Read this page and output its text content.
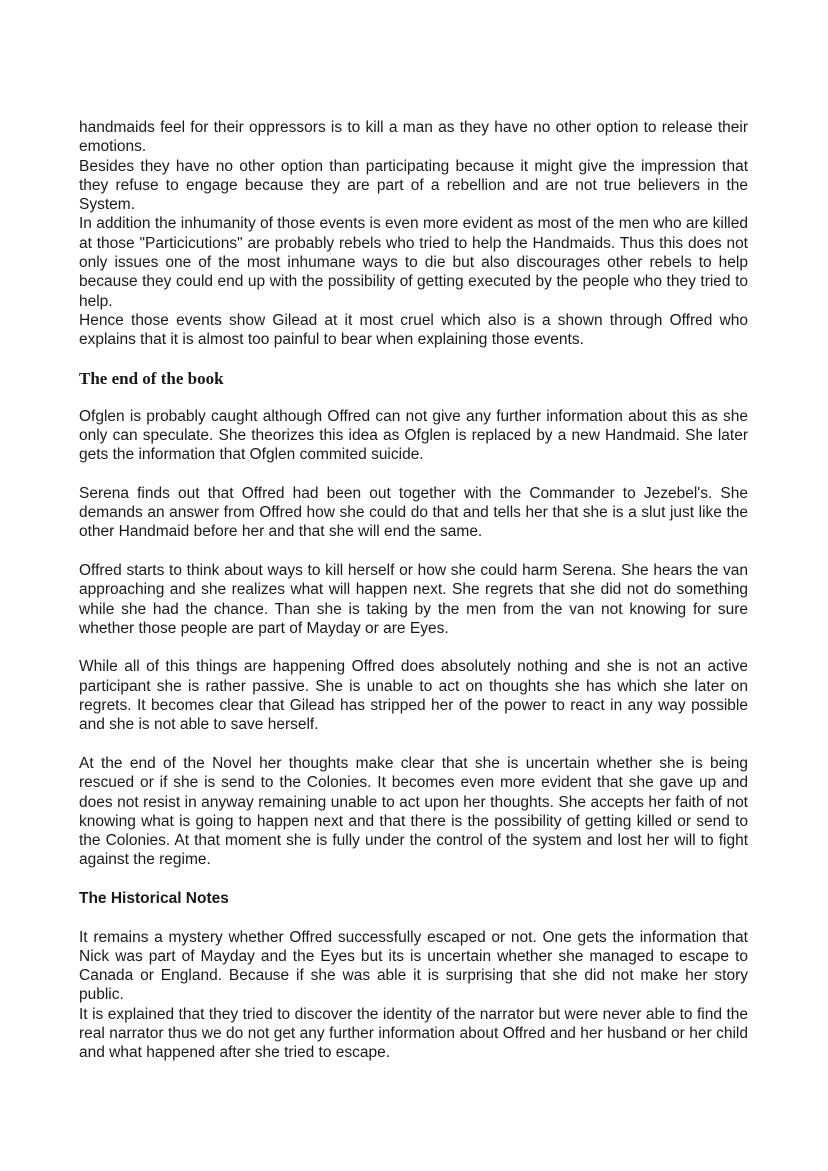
handmaids feel for their oppressors is to kill a man as they have no other option to release their emotions.

Besides they have no other option than participating because it might give the impression that they refuse to engage because they are part of a rebellion and are not true believers in the System.

In addition the inhumanity of those events is even more evident as most of the men who are killed at those "Particicutions" are probably rebels who tried to help the Handmaids. Thus this does not only issues one of the most inhumane ways to die but also discourages other rebels to help because they could end up with the possibility of getting executed by the people who they tried to help.

Hence those events show Gilead at it most cruel which also is a shown through Offred who explains that it is almost too painful to bear when explaining those events.

The end of the book

Ofglen is probably caught although Offred can not give any further information about this as she only can speculate. She theorizes this idea as Ofglen is replaced by a new Handmaid. She later gets the information that Ofglen commited suicide.

Serena finds out that Offred had been out together with the Commander to Jezebel's. She demands an answer from Offred how she could do that and tells her that she is a slut just like the other Handmaid before her and that she will end the same.

Offred starts to think about ways to kill herself or how she could harm Serena. She hears the van approaching and she realizes what will happen next. She regrets that she did not do something while she had the chance. Than she is taking by the men from the van not knowing for sure whether those people are part of Mayday or are Eyes.

While all of this things are happening Offred does absolutely nothing and she is not an active participant she is rather passive. She is unable to act on thoughts she has which she later on regrets. It becomes clear that Gilead has stripped her of the power to react in any way possible and she is not able to save herself.

At the end of the Novel her thoughts make clear that she is uncertain whether she is being rescued or if she is send to the Colonies. It becomes even more evident that she gave up and does not resist in anyway remaining unable to act upon her thoughts. She accepts her faith of not knowing what is going to happen next and that there is the possibility of getting killed or send to the Colonies. At that moment she is fully under the control of the system and lost her will to fight against the regime.

The Historical Notes

It remains a mystery whether Offred successfully escaped or not. One gets the information that Nick was part of Mayday and the Eyes but its is uncertain whether she managed to escape to Canada or England. Because if she was able it is surprising that she did not make her story public.

It is explained that they tried to discover the identity of the narrator but were never able to find the real narrator thus we do not get any further information about Offred and her husband or her child and what happened after she tried to escape.
